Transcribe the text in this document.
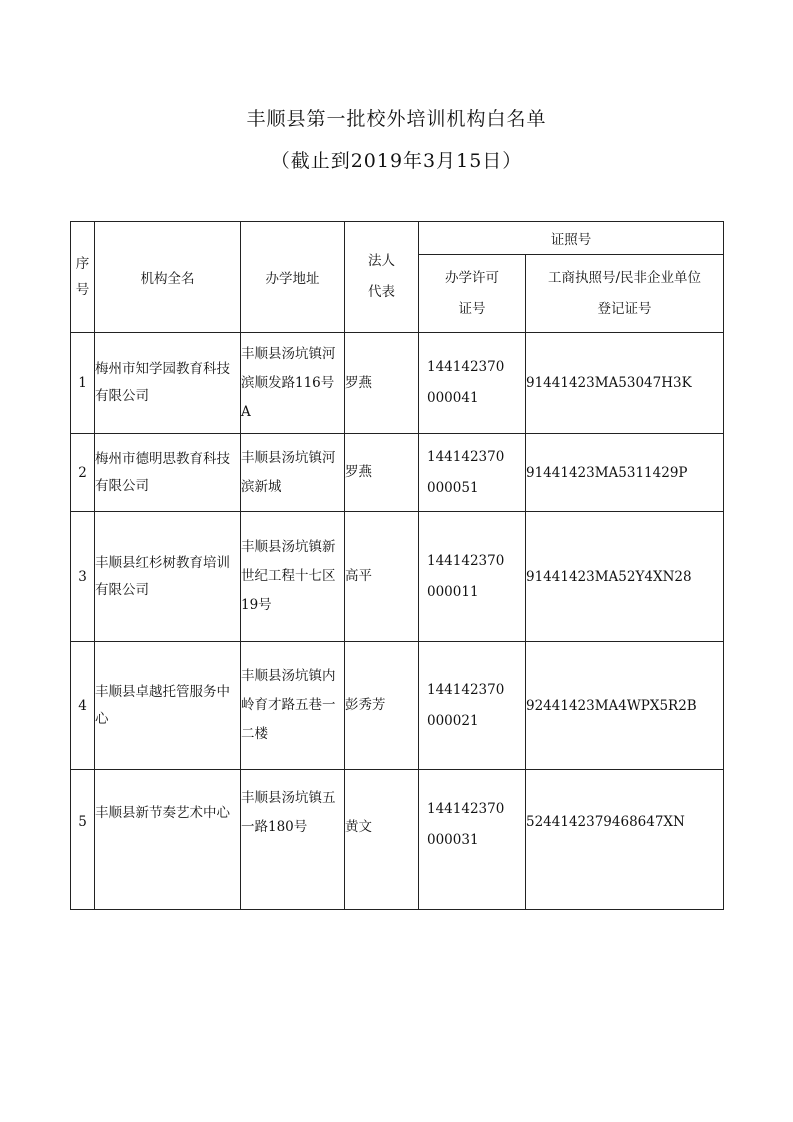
丰顺县第一批校外培训机构白名单
（截止到2019年3月15日）
序号	机构全名	办学地址	法人代表	证照号	

				办学许可证号	工商执照号/民非企业单位登记证号

1	梅州市知学园教育科技有限公司	丰顺县汤坑镇河滨顺发路116号A	罗燕	144142370000041	91441423MA53047H3K
2	梅州市德明思教育科技有限公司	丰顺县汤坑镇河滨新城	罗燕	144142370000051	91441423MA5311429P
3	丰顺县红杉树教育培训有限公司	丰顺县汤坑镇新世纪工程十七区19号	高平	144142370000011	91441423MA52Y4XN28
4	丰顺县卓越托管服务中心	丰顺县汤坑镇内岭育才路五巷一二楼	彭秀芳	144142370000021	92441423MA4WPX5R2B
5	丰顺县新节奏艺术中心	丰顺县汤坑镇五一路180号	黄文	144142370000031	5244142379468647XN
